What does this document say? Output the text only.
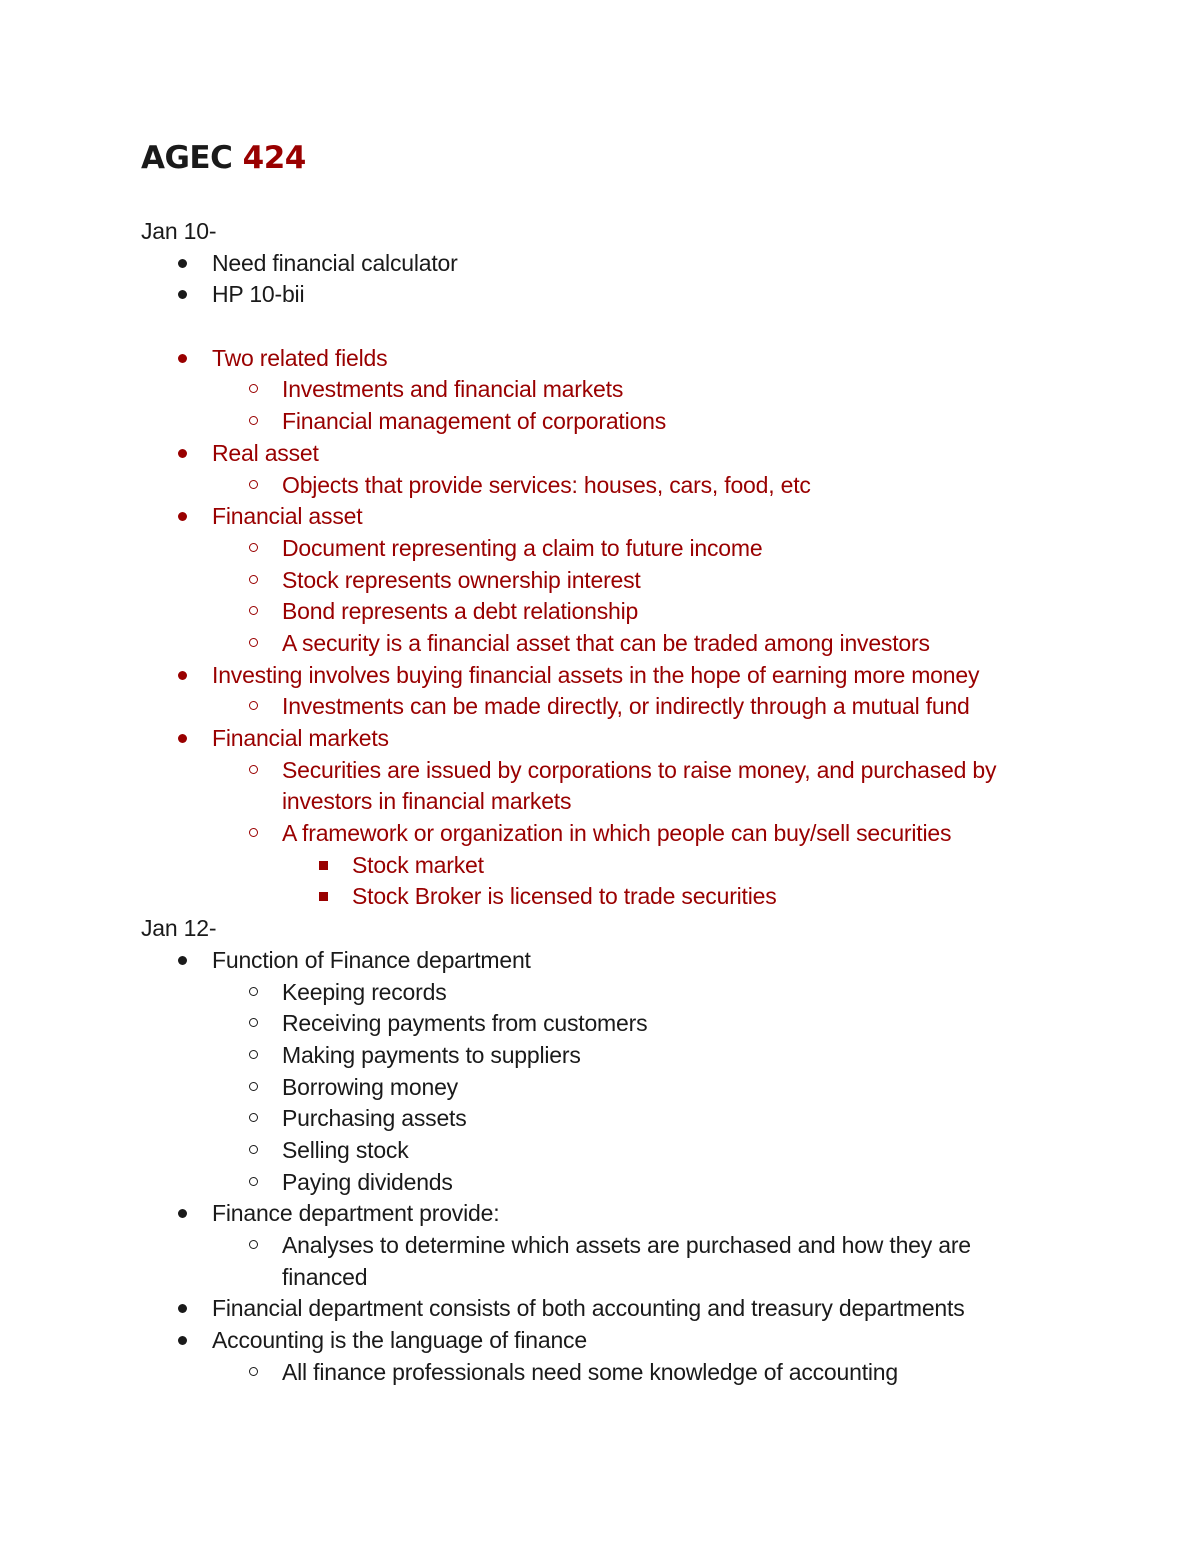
AGEC 424
Jan 10-
Need financial calculator
HP 10-bii
Two related fields
Investments and financial markets
Financial management of corporations
Real asset
Objects that provide services: houses, cars, food, etc
Financial asset
Document representing a claim to future income
Stock represents ownership interest
Bond represents a debt relationship
A security is a financial asset that can be traded among investors
Investing involves buying financial assets in the hope of earning more money
Investments can be made directly, or indirectly through a mutual fund
Financial markets
Securities are issued by corporations to raise money, and purchased by
investors in financial markets
A framework or organization in which people can buy/sell securities
Stock market
Stock Broker is licensed to trade securities
Jan 12-
Function of Finance department
Keeping records
Receiving payments from customers
Making payments to suppliers
Borrowing money
Purchasing assets
Selling stock
Paying dividends
Finance department provide:
Analyses to determine which assets are purchased and how they are
financed
Financial department consists of both accounting and treasury departments
Accounting is the language of finance
All finance professionals need some knowledge of accounting
